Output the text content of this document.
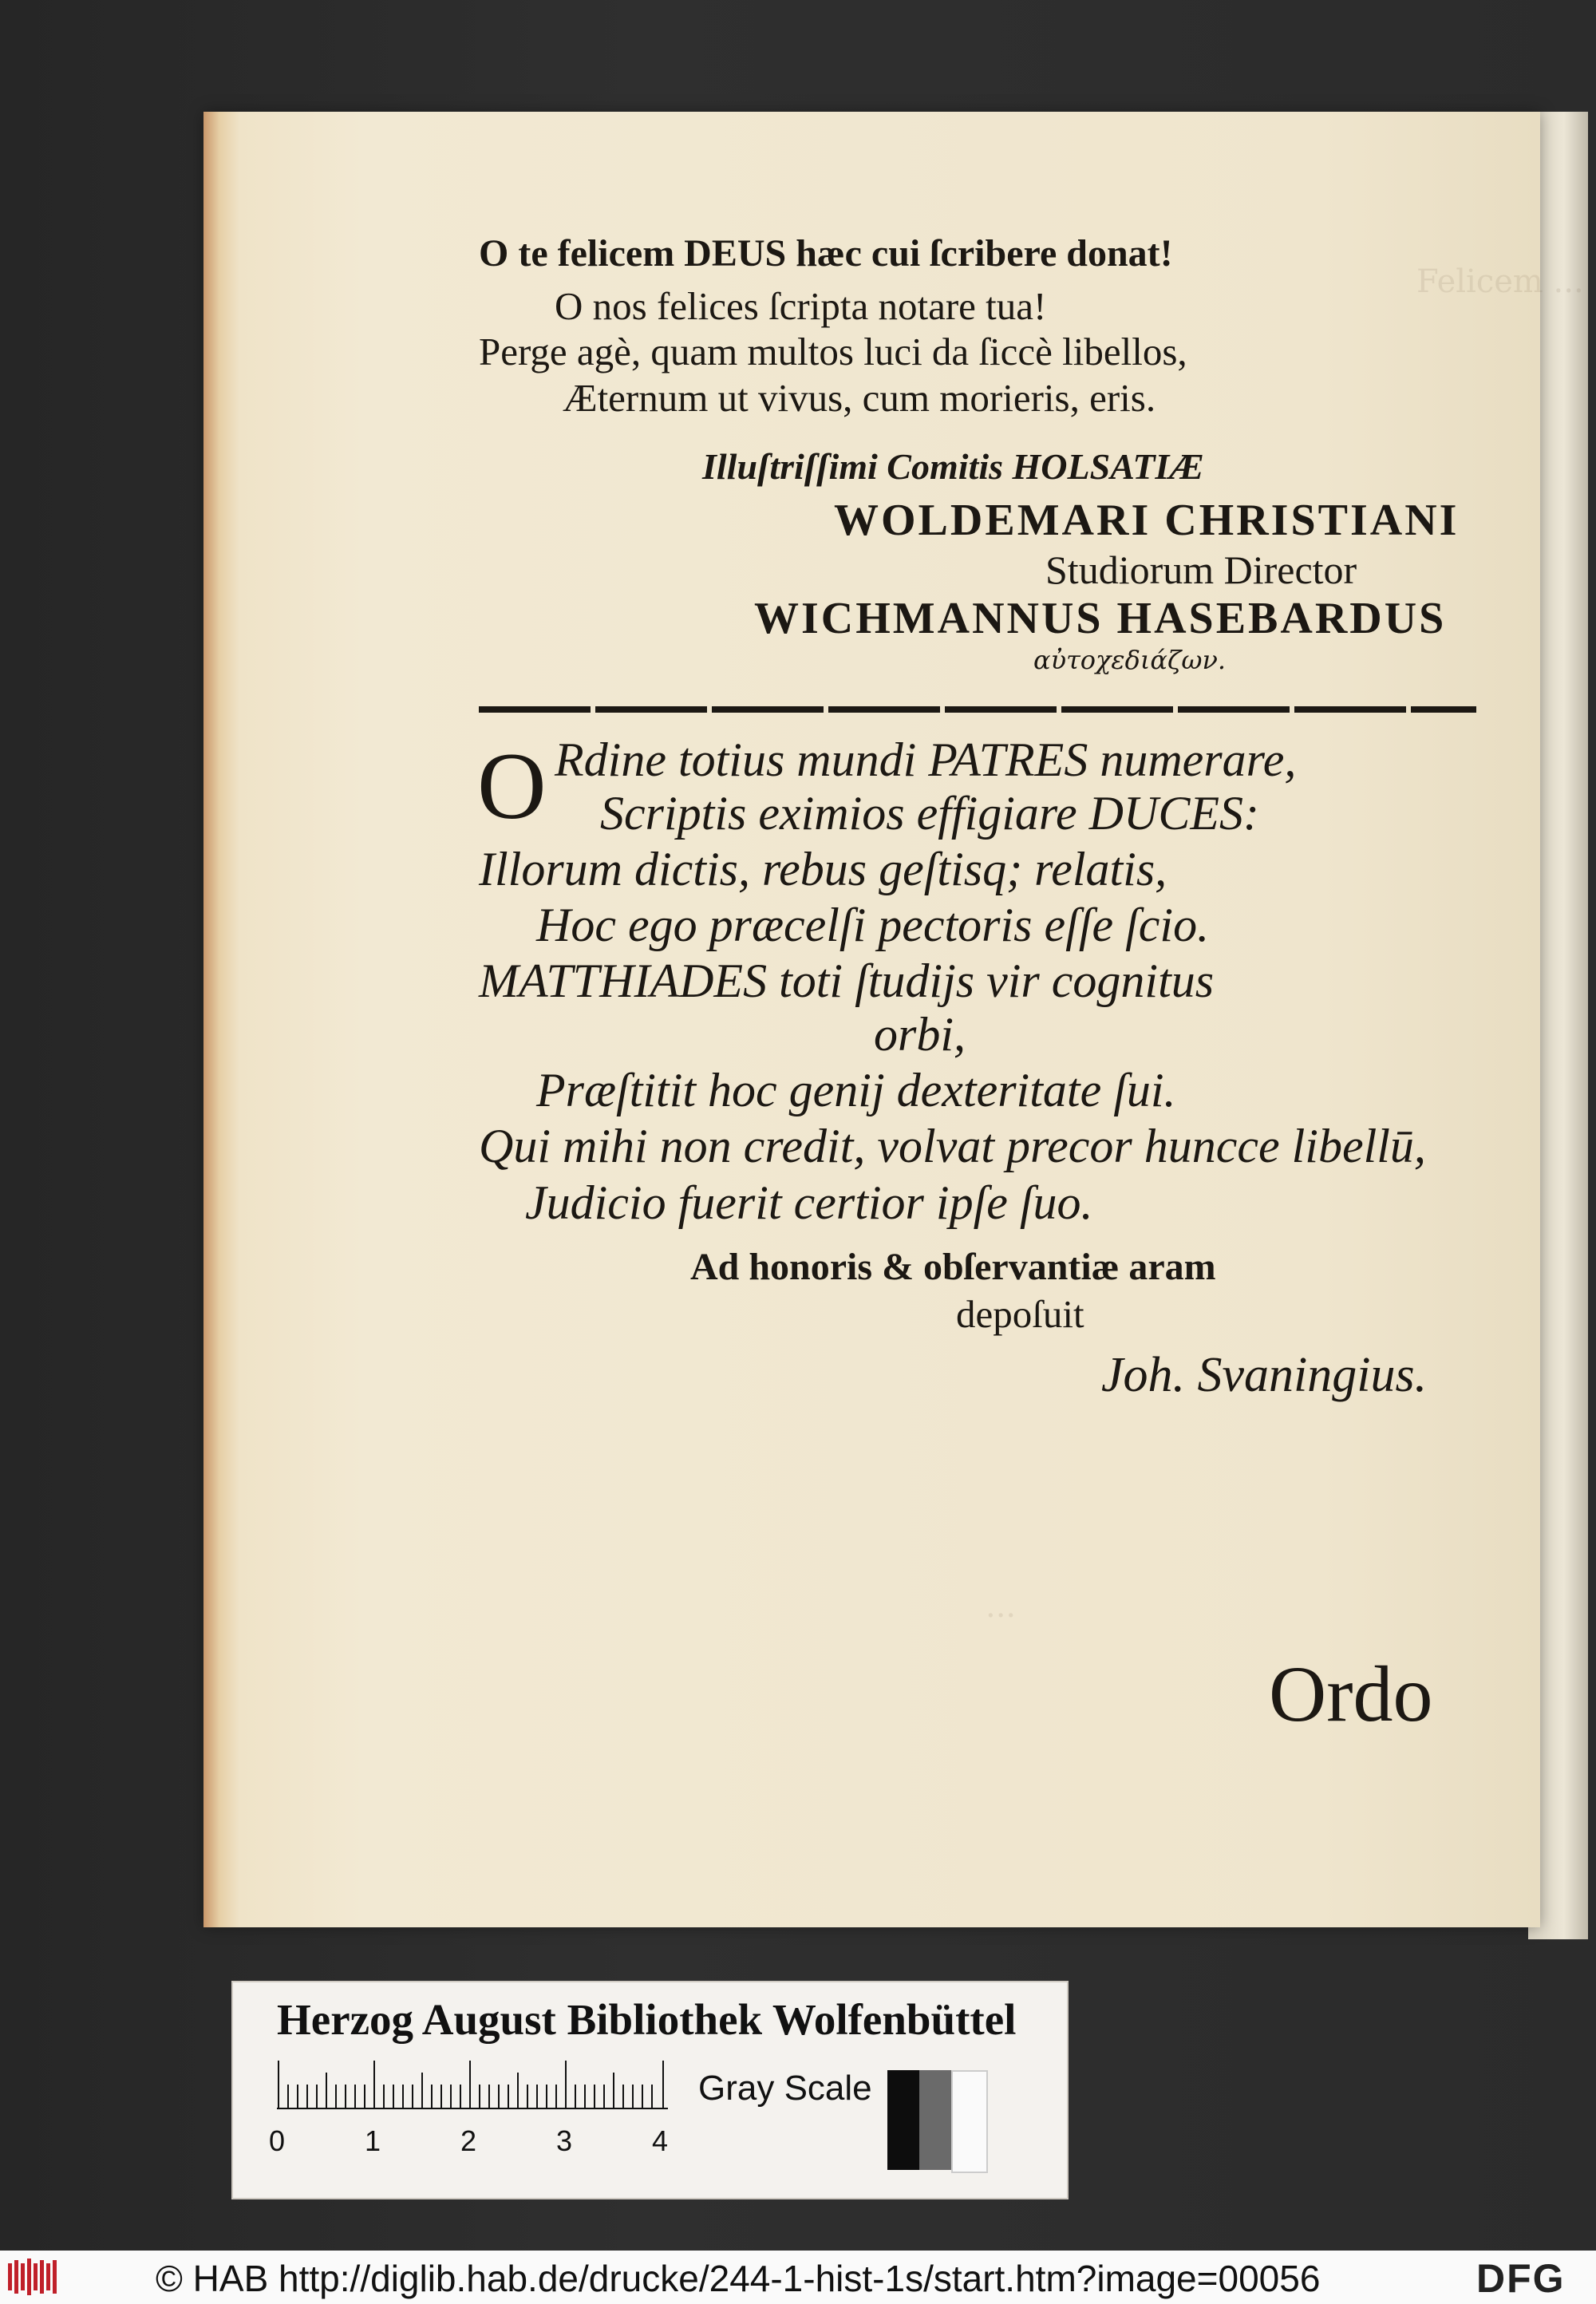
Felicem ...
...
O te felicem DEUS hæc cui ſcribere donat!
O nos felices ſcripta notare tua!
Perge agè, quam multos luci da ſiccè libellos,
Æternum ut vivus, cum morieris, eris.
Illuſtriſſimi Comitis HOLSATIÆ
WOLDEMARI CHRISTIANI
Studiorum Director
WICHMANNUS HASEBARDUS
αὐτοχεδιάζων.
O Rdine totius mundi PATRES numerare,
Scriptis eximios effigiare DUCES:
Illorum dictis, rebus geſtisq; relatis,
Hoc ego præcelſi pectoris eſſe ſcio.
MATTHIADES toti ſtudijs vir cognitus
orbi,
Præſtitit hoc genij dexteritate ſui.
Qui mihi non credit, volvat precor hunccе libellū,
Judicio fuerit certior ipſe ſuo.
Ad honoris & obſervantiæ aram
depoſuit
Joh. Svaningius.
Ordo
Herzog August Bibliothek Wolfenbüttel
0	1	2	3	4
Gray Scale
© HAB http://diglib.hab.de/drucke/244-1-hist-1s/start.htm?image=00056	DFG
